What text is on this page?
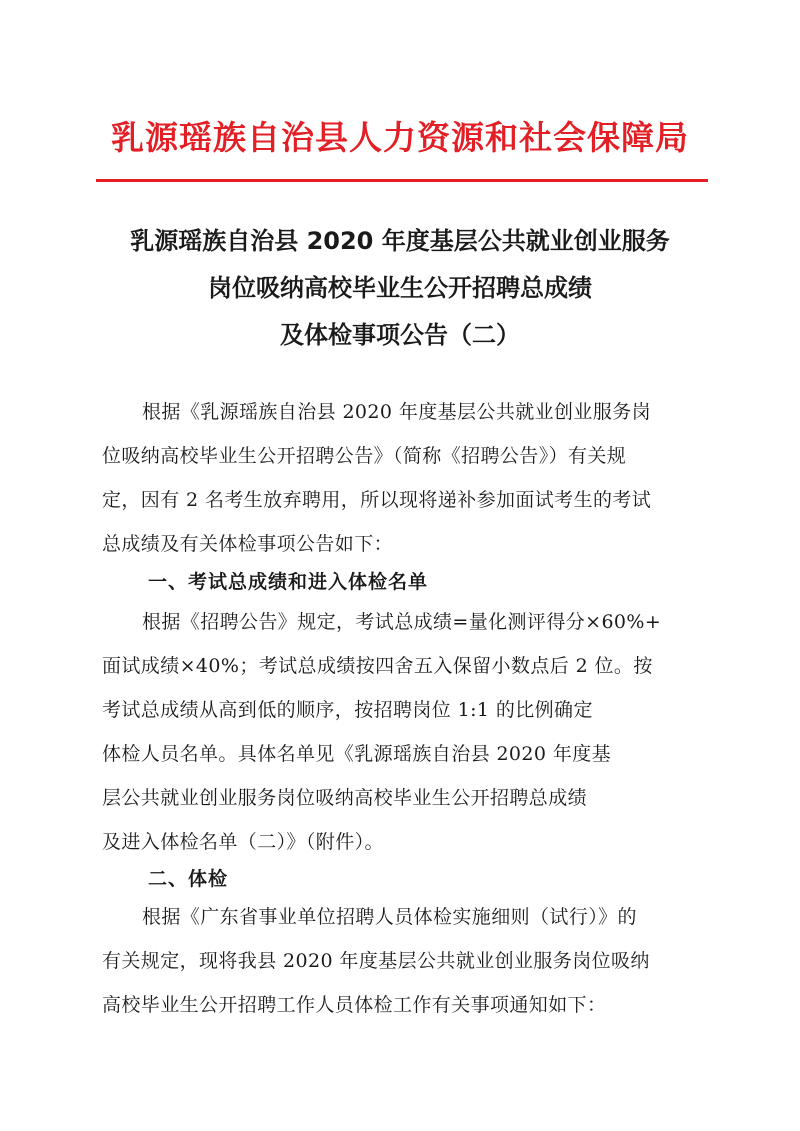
乳源瑶族自治县人力资源和社会保障局
乳源瑶族自治县 2020 年度基层公共就业创业服务
岗位吸纳高校毕业生公开招聘总成绩
及体检事项公告（二）
根据《乳源瑶族自治县 2020 年度基层公共就业创业服务岗
位吸纳高校毕业生公开招聘公告》（简称《招聘公告》）有关规
定，因有 2 名考生放弃聘用，所以现将递补参加面试考生的考试
总成绩及有关体检事项公告如下：
一、考试总成绩和进入体检名单
根据《招聘公告》规定，考试总成绩=量化测评得分×60%+
面试成绩×40%；考试总成绩按四舍五入保留小数点后 2 位。按
考试总成绩从高到低的顺序，按招聘岗位 1:1 的比例确定
体检人员名单。具体名单见《乳源瑶族自治县 2020 年度基
层公共就业创业服务岗位吸纳高校毕业生公开招聘总成绩
及进入体检名单（二）》（附件）。
二、体检
根据《广东省事业单位招聘人员体检实施细则（试行）》的
有关规定，现将我县 2020 年度基层公共就业创业服务岗位吸纳
高校毕业生公开招聘工作人员体检工作有关事项通知如下：
